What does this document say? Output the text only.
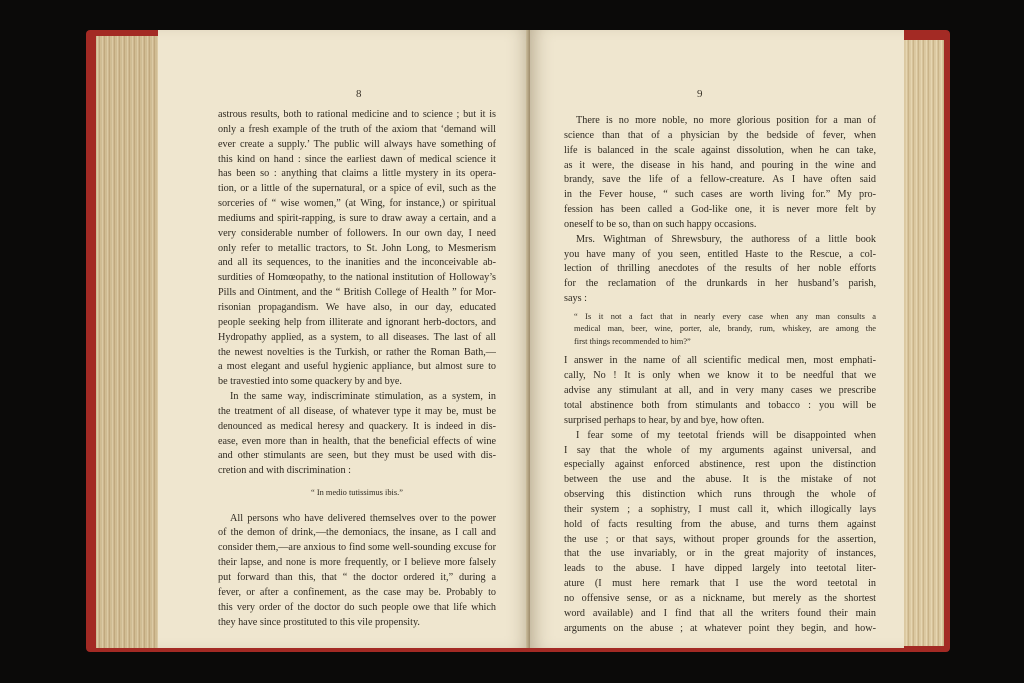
8
astrous results, both to rational medicine and to science ; but it is
only a fresh example of the truth of the axiom that ‘demand will
ever create a supply.’ The public will always have something of
this kind on hand : since the earliest dawn of medical science it
has been so : anything that claims a little mystery in its opera-
tion, or a little of the supernatural, or a spice of evil, such as the
sorceries of “ wise women,” (at Wing, for instance,) or spiritual
mediums and spirit-rapping, is sure to draw away a certain, and a
very considerable number of followers. In our own day, I need
only refer to metallic tractors, to St. John Long, to Mesmerism
and all its sequences, to the inanities and the inconceivable ab-
surdities of Homœopathy, to the national institution of Holloway’s
Pills and Ointment, and the “ British College of Health ” for Mor-
risonian propagandism. We have also, in our day, educated
people seeking help from illiterate and ignorant herb-doctors, and
Hydropathy applied, as a system, to all diseases. The last of all
the newest novelties is the Turkish, or rather the Roman Bath,—
a most elegant and useful hygienic appliance, but almost sure to
be travestied into some quackery by and bye.
In the same way, indiscriminate stimulation, as a system, in
the treatment of all disease, of whatever type it may be, must be
denounced as medical heresy and quackery. It is indeed in dis-
ease, even more than in health, that the beneficial effects of wine
and other stimulants are seen, but they must be used with dis-
cretion and with discrimination :
“ In medio tutissimus ibis.”
All persons who have delivered themselves over to the power
of the demon of drink,—the demoniacs, the insane, as I call and
consider them,—are anxious to find some well-sounding excuse for
their lapse, and none is more frequently, or I believe more falsely
put forward than this, that “ the doctor ordered it,” during a
fever, or after a confinement, as the case may be. Probably to
this very order of the doctor do such people owe that life which
they have since prostituted to this vile propensity.
9
There is no more noble, no more glorious position for a man of
science than that of a physician by the bedside of fever, when
life is balanced in the scale against dissolution, when he can take,
as it were, the disease in his hand, and pouring in the wine and
brandy, save the life of a fellow-creature. As I have often said
in the Fever house, “ such cases are worth living for.” My pro-
fession has been called a God-like one, it is never more felt by
oneself to be so, than on such happy occasions.
Mrs. Wightman of Shrewsbury, the authoress of a little book
you have many of you seen, entitled Haste to the Rescue, a col-
lection of thrilling anecdotes of the results of her noble efforts
for the reclamation of the drunkards in her husband’s parish,
says :
“ Is it not a fact that in nearly every case when any man consults a
medical man, beer, wine, porter, ale, brandy, rum, whiskey, are among the
first things recommended to him?”
I answer in the name of all scientific medical men, most emphati-
cally, No ! It is only when we know it to be needful that we
advise any stimulant at all, and in very many cases we prescribe
total abstinence both from stimulants and tobacco : you will be
surprised perhaps to hear, by and bye, how often.
I fear some of my teetotal friends will be disappointed when
I say that the whole of my arguments against universal, and
especially against enforced abstinence, rest upon the distinction
between the use and the abuse. It is the mistake of not
observing this distinction which runs through the whole of
their system ; a sophistry, I must call it, which illogically lays
hold of facts resulting from the abuse, and turns them against
the use ; or that says, without proper grounds for the assertion,
that the use invariably, or in the great majority of instances,
leads to the abuse. I have dipped largely into teetotal liter-
ature (I must here remark that I use the word teetotal in
no offensive sense, or as a nickname, but merely as the shortest
word available) and I find that all the writers found their main
arguments on the abuse ; at whatever point they begin, and how-
